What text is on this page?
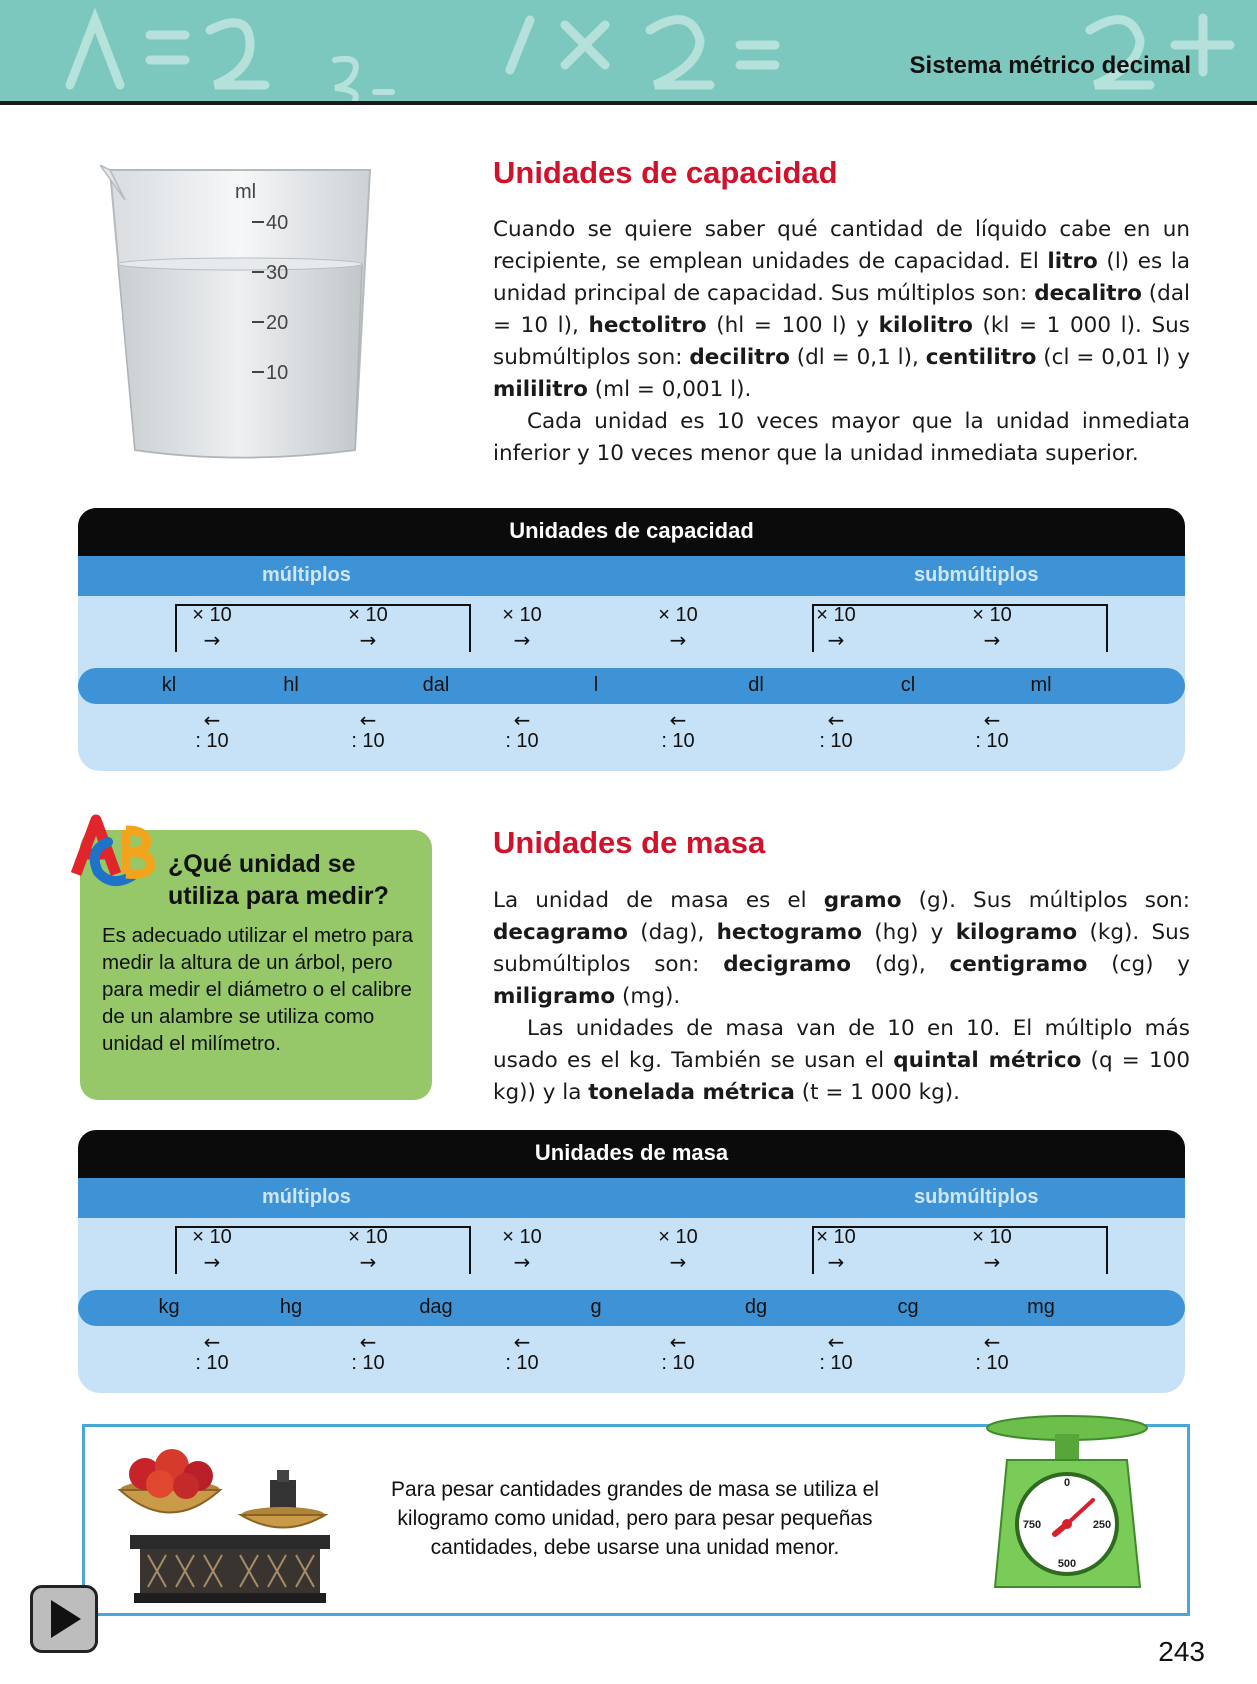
Sistema métrico decimal
ml
40
30
20
10
Unidades de capacidad

Cuando se quiere saber qué cantidad de líquido cabe en un recipiente, se emplean unidades de capacidad. El litro (l) es la unidad principal de capacidad. Sus múltiplos son: decalitro (dal = 10 l), hectolitro (hl = 100 l) y kilolitro (kl = 1 000 l). Sus submúltiplos son: decilitro (dl = 0,1 l), centilitro (cl = 0,01 l) y mililitro (ml = 0,001 l).

Cada unidad es 10 veces mayor que la unidad inmediata inferior y 10 veces menor que la unidad inmediata superior.

Unidades de capacidad
múltiplos	submúltiplos
kl	hl	dal	l	dl	cl	ml
× 10
→
←
: 10
× 10
→
←
: 10
× 10
→
←
: 10
× 10
→
←
: 10
× 10
→
←
: 10
× 10
→
←
: 10
¿Qué unidad se
utiliza para medir?
Es adecuado utilizar el metro para medir la altura de un árbol, pero para medir el diámetro o el calibre de un alambre se utiliza como unidad el milímetro.
Unidades de masa

La unidad de masa es el gramo (g). Sus múltiplos son: decagramo (dag), hectogramo (hg) y kilogramo (kg). Sus submúltiplos son: decigramo (dg), centigramo (cg) y miligramo (mg).

Las unidades de masa van de 10 en 10. El múltiplo más usado es el kg. También se usan el quintal métrico (q = 100 kg)) y la tonelada métrica (t = 1 000 kg).

Unidades de masa
múltiplos	submúltiplos
kg	hg	dag	g	dg	cg	mg
× 10
→
←
: 10
× 10
→
←
: 10
× 10
→
←
: 10
× 10
→
←
: 10
× 10
→
←
: 10
× 10
→
←
: 10
Para pesar cantidades grandes de masa se utiliza el kilogramo como unidad, pero para pesar pequeñas cantidades, debe usarse una unidad menor.
0
250
500
750
243
